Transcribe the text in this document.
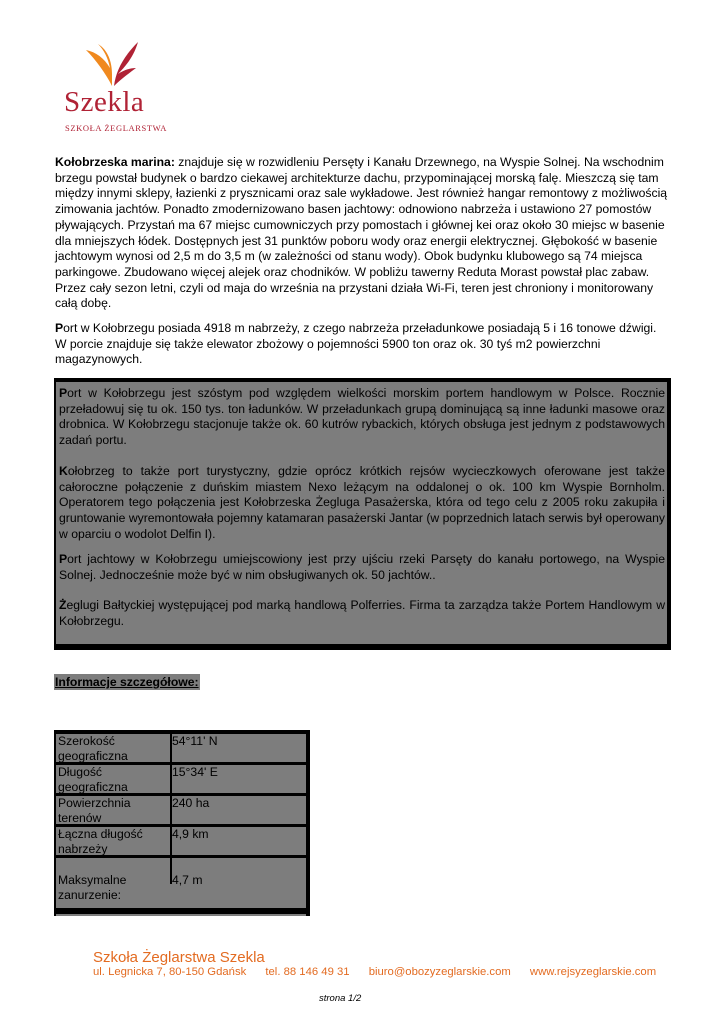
Szekla
SZKOŁA ŻEGLARSTWA

Kołobrzeska marina: znajduje się w rozwidleniu Persęty i Kanału Drzewnego, na Wyspie Solnej. Na wschodnim brzegu powstał budynek o bardzo ciekawej architekturze dachu, przypominającej morską falę. Mieszczą się tam między innymi sklepy, łazienki z prysznicami oraz sale wykładowe. Jest również hangar remontowy z możliwością zimowania jachtów. Ponadto zmodernizowano basen jachtowy: odnowiono nabrzeża i ustawiono 27 pomostów pływających. Przystań ma 67 miejsc cumowniczych przy pomostach i głównej kei oraz około 30 miejsc w basenie dla mniejszych łódek. Dostępnych jest 31 punktów poboru wody oraz energii elektrycznej. Głębokość w basenie jachtowym wynosi od 2,5 m do 3,5 m (w zależności od stanu wody). Obok budynku klubowego są 74 miejsca parkingowe. Zbudowano więcej alejek oraz chodników. W pobliżu tawerny Reduta Morast powstał plac zabaw. Przez cały sezon letni, czyli od maja do września na przystani działa Wi-Fi, teren jest chroniony i monitorowany całą dobę.

Port w Kołobrzegu posiada 4918 m nabrzeży, z czego nabrzeża przeładunkowe posiadają 5 i 16 tonowe dźwigi. W porcie znajduje się także elewator zbożowy o pojemności 5900 ton oraz ok. 30 tyś m2 powierzchni magazynowych.

Port w Kołobrzegu jest szóstym pod względem wielkości morskim portem handlowym w Polsce. Rocznie przeładowuj się tu ok. 150 tys. ton ładunków. W przeładunkach grupą dominującą są inne ładunki masowe oraz drobnica. W Kołobrzegu stacjonuje także ok. 60 kutrów rybackich, których obsługa jest jednym z podstawowych zadań portu.

Kołobrzeg to także port turystyczny, gdzie oprócz krótkich rejsów wycieczkowych oferowane jest także całoroczne połączenie z duńskim miastem Nexo leżącym na oddalonej o ok. 100 km Wyspie Bornholm. Operatorem tego połączenia jest Kołobrzeska Żegluga Pasażerska, która od tego celu z 2005 roku zakupiła i gruntowanie wyremontowała pojemny katamaran pasażerski Jantar (w poprzednich latach serwis był operowany w oparciu o wodolot Delfin I).

Port jachtowy w Kołobrzegu umiejscowiony jest przy ujściu rzeki Parsęty do kanału portowego, na Wyspie Solnej. Jednocześnie może być w nim obsługiwanych ok. 50 jachtów..

Żeglugi Bałtyckiej występującej pod marką handlową Polferries. Firma ta zarządza także Portem Handlowym w Kołobrzegu.

Informacje szczegółowe:
Szerokość geograficzna
54°11' N
Długość geograficzna
15°34' E
Powierzchnia terenów
240 ha
Łączna długość nabrzeży
4,9 km
Maksymalne zanurzenie:
4,7 m
Szkoła Żeglarstwa Szekla
ul. Legnicka 7, 80-150 Gdańsk tel. 88 146 49 31 biuro@obozyzeglarskie.com www.rejsyzeglarskie.com
strona 1/2
